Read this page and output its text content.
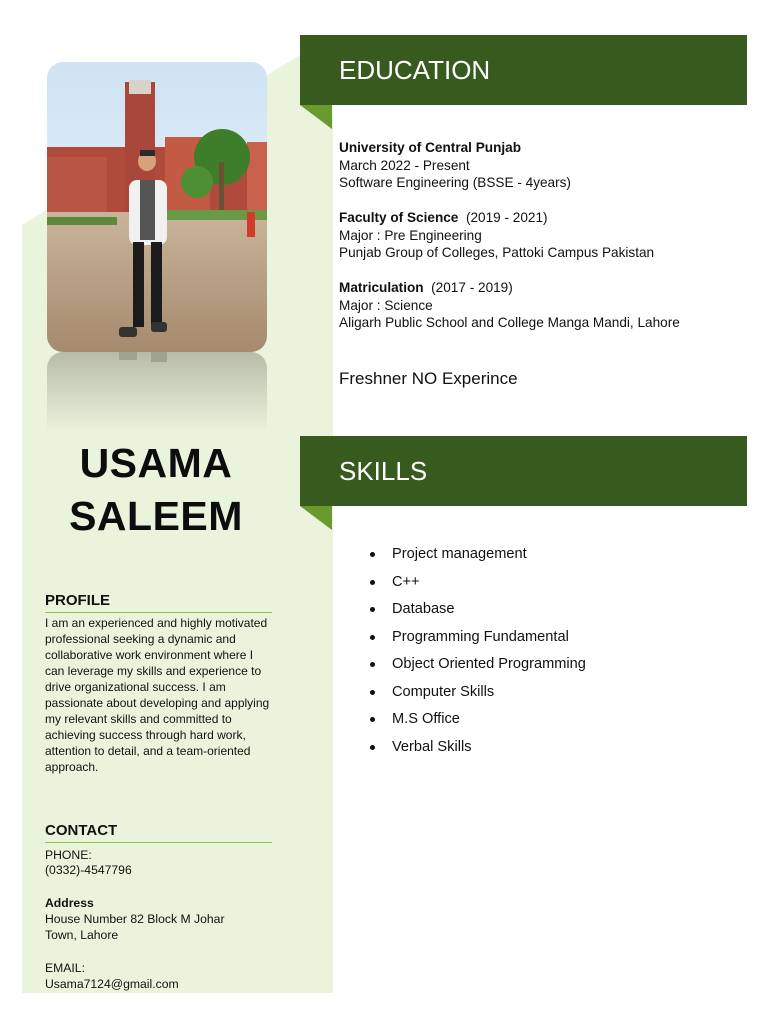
USAMA
SALEEM
PROFILE
I am an experienced and highly motivated professional seeking a dynamic and collaborative work environment where I can leverage my skills and experience to drive organizational success. I am passionate about developing and applying my relevant skills and committed to achieving success through hard work, attention to detail, and a team-oriented approach.
CONTACT
PHONE:
(0332)-4547796
Address
House Number 82 Block M Johar
Town, Lahore
EMAIL:
Usama7124@gmail.com
EDUCATION
University of Central Punjab
March 2022 - Present
Software Engineering (BSSE - 4years)
Faculty of Science (2019 - 2021)
Major : Pre Engineering
Punjab Group of Colleges, Pattoki Campus Pakistan
Matriculation (2017 - 2019)
Major : Science
Aligarh Public School and College Manga Mandi, Lahore
Freshner NO Experince
SKILLS
Project management
C++
Database
Programming Fundamental
Object Oriented Programming
Computer Skills
M.S Office
Verbal Skills
